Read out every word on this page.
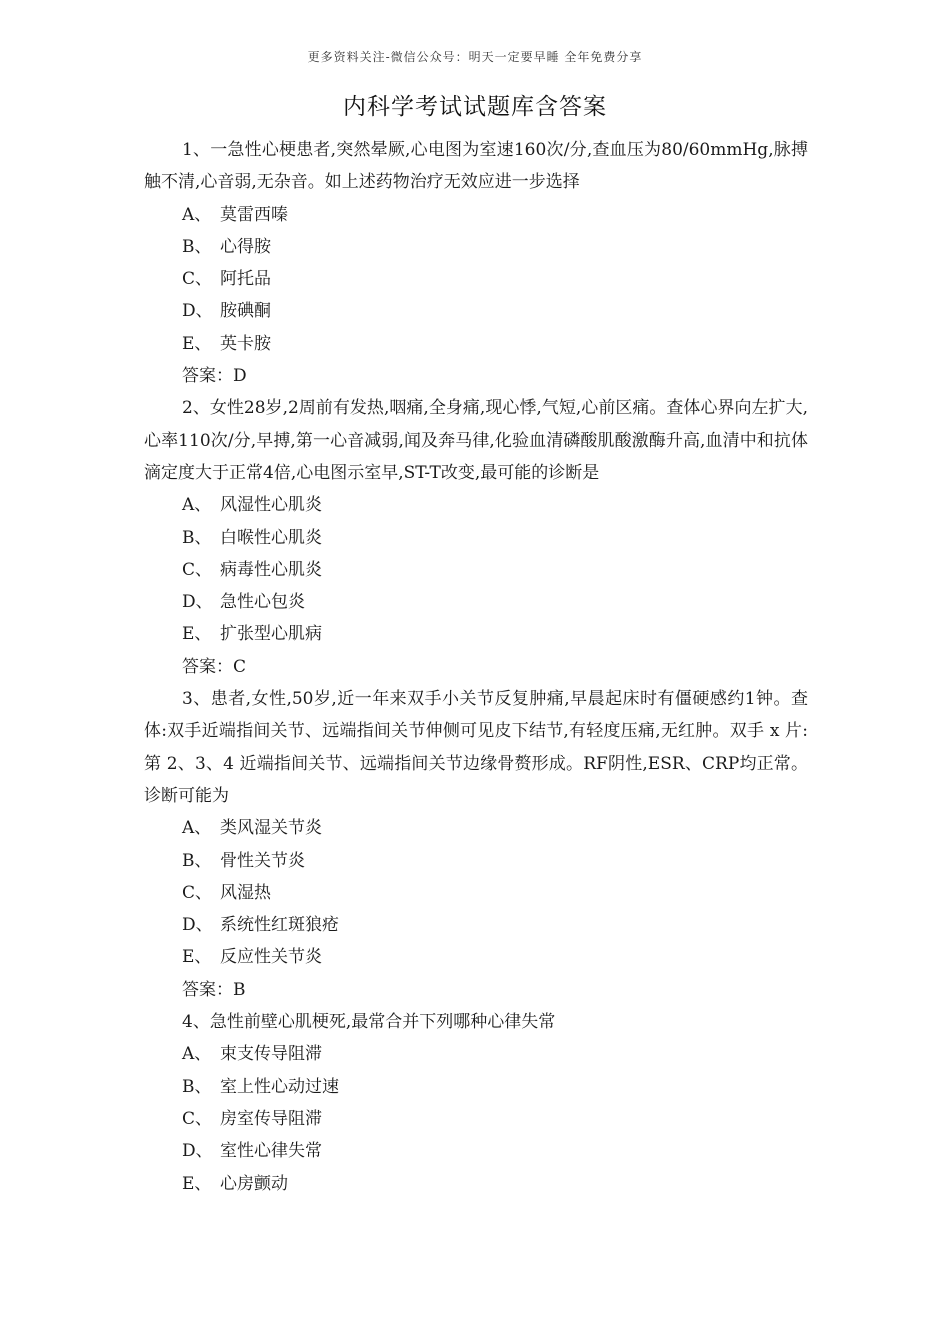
更多资料关注-微信公众号：明天一定要早睡 全年免费分享
内科学考试试题库含答案

1、一急性心梗患者,突然晕厥,心电图为室速160次/分,查血压为80/60mmHg,脉搏触不清,心音弱,无杂音。如上述药物治疗无效应进一步选择

A、 莫雷西嗪

B、 心得胺

C、 阿托品

D、 胺碘酮

E、 英卡胺

答案：D

2、女性28岁,2周前有发热,咽痛,全身痛,现心悸,气短,心前区痛。查体心界向左扩大,心率110次/分,早搏,第一心音减弱,闻及奔马律,化验血清磷酸肌酸激酶升高,血清中和抗体滴定度大于正常4倍,心电图示室早,ST-T改变,最可能的诊断是

A、 风湿性心肌炎

B、 白喉性心肌炎

C、 病毒性心肌炎

D、 急性心包炎

E、 扩张型心肌病

答案：C

3、患者,女性,50岁,近一年来双手小关节反复肿痛,早晨起床时有僵硬感约1钟。查体:双手近端指间关节、远端指间关节伸侧可见皮下结节,有轻度压痛,无红肿。双手 x 片:第 2、3、4 近端指间关节、远端指间关节边缘骨赘形成。RF阴性,ESR、CRP均正常。诊断可能为

A、 类风湿关节炎

B、 骨性关节炎

C、 风湿热

D、 系统性红斑狼疮

E、 反应性关节炎

答案：B

4、急性前壁心肌梗死,最常合并下列哪种心律失常

A、 束支传导阻滞

B、 室上性心动过速

C、 房室传导阻滞

D、 室性心律失常

E、 心房颤动
